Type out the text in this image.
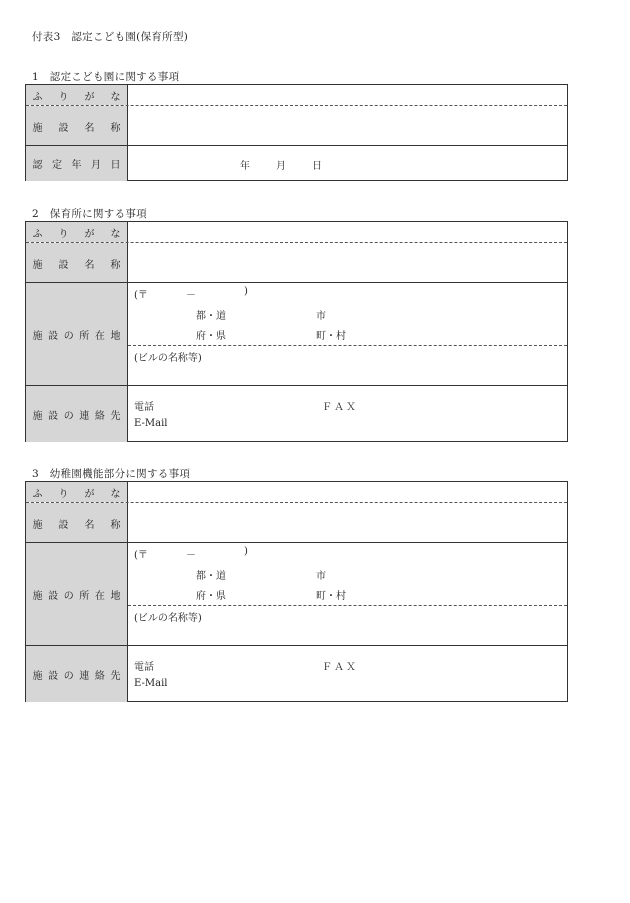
付表3　認定こども園(保育所型)
1　認定こども園に関する事項
ふ り が な
施 設 名 称
認 定 年 月 日	年	月	日
2　保育所に関する事項
ふ り が な
施 設 名 称
施 設 の 所 在 地
(〒	－	)
都・道	市
府・県	町・村
(ビルの名称等)
施 設 の 連 絡 先
電話	ＦＡＸ
E-Mail
3　幼稚園機能部分に関する事項
ふ り が な
施 設 名 称
施 設 の 所 在 地
(〒	－	)
都・道	市
府・県	町・村
(ビルの名称等)
施 設 の 連 絡 先
電話	ＦＡＸ
E-Mail
